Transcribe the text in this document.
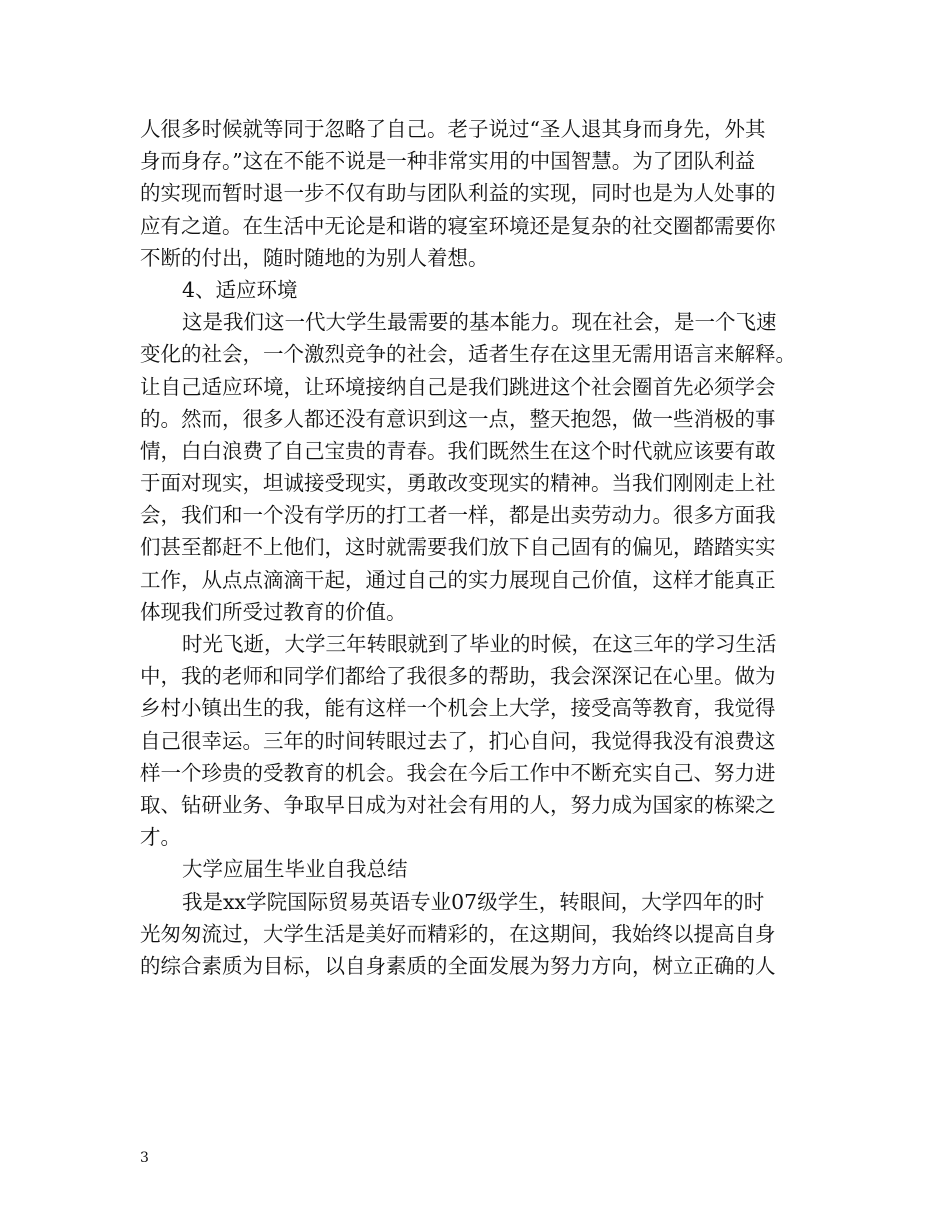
人很多时候就等同于忽略了自己。老子说过“圣人退其身而身先，外其
身而身存。”这在不能不说是一种非常实用的中国智慧。为了团队利益
的实现而暂时退一步不仅有助与团队利益的实现，同时也是为人处事的
应有之道。在生活中无论是和谐的寝室环境还是复杂的社交圈都需要你
不断的付出，随时随地的为别人着想。
4、适应环境
这是我们这一代大学生最需要的基本能力。现在社会，是一个飞速
变化的社会，一个激烈竞争的社会，适者生存在这里无需用语言来解释。
让自己适应环境，让环境接纳自己是我们跳进这个社会圈首先必须学会
的。然而，很多人都还没有意识到这一点，整天抱怨，做一些消极的事
情，白白浪费了自己宝贵的青春。我们既然生在这个时代就应该要有敢
于面对现实，坦诚接受现实，勇敢改变现实的精神。当我们刚刚走上社
会，我们和一个没有学历的打工者一样，都是出卖劳动力。很多方面我
们甚至都赶不上他们，这时就需要我们放下自己固有的偏见，踏踏实实
工作，从点点滴滴干起，通过自己的实力展现自己价值，这样才能真正
体现我们所受过教育的价值。
时光飞逝，大学三年转眼就到了毕业的时候，在这三年的学习生活
中，我的老师和同学们都给了我很多的帮助，我会深深记在心里。做为
乡村小镇出生的我，能有这样一个机会上大学，接受高等教育，我觉得
自己很幸运。三年的时间转眼过去了，扪心自问，我觉得我没有浪费这
样一个珍贵的受教育的机会。我会在今后工作中不断充实自己、努力进
取、钻研业务、争取早日成为对社会有用的人，努力成为国家的栋梁之
才。
大学应届生毕业自我总结
我是xx学院国际贸易英语专业07级学生，转眼间，大学四年的时
光匆匆流过，大学生活是美好而精彩的，在这期间，我始终以提高自身
的综合素质为目标，以自身素质的全面发展为努力方向，树立正确的人
3
